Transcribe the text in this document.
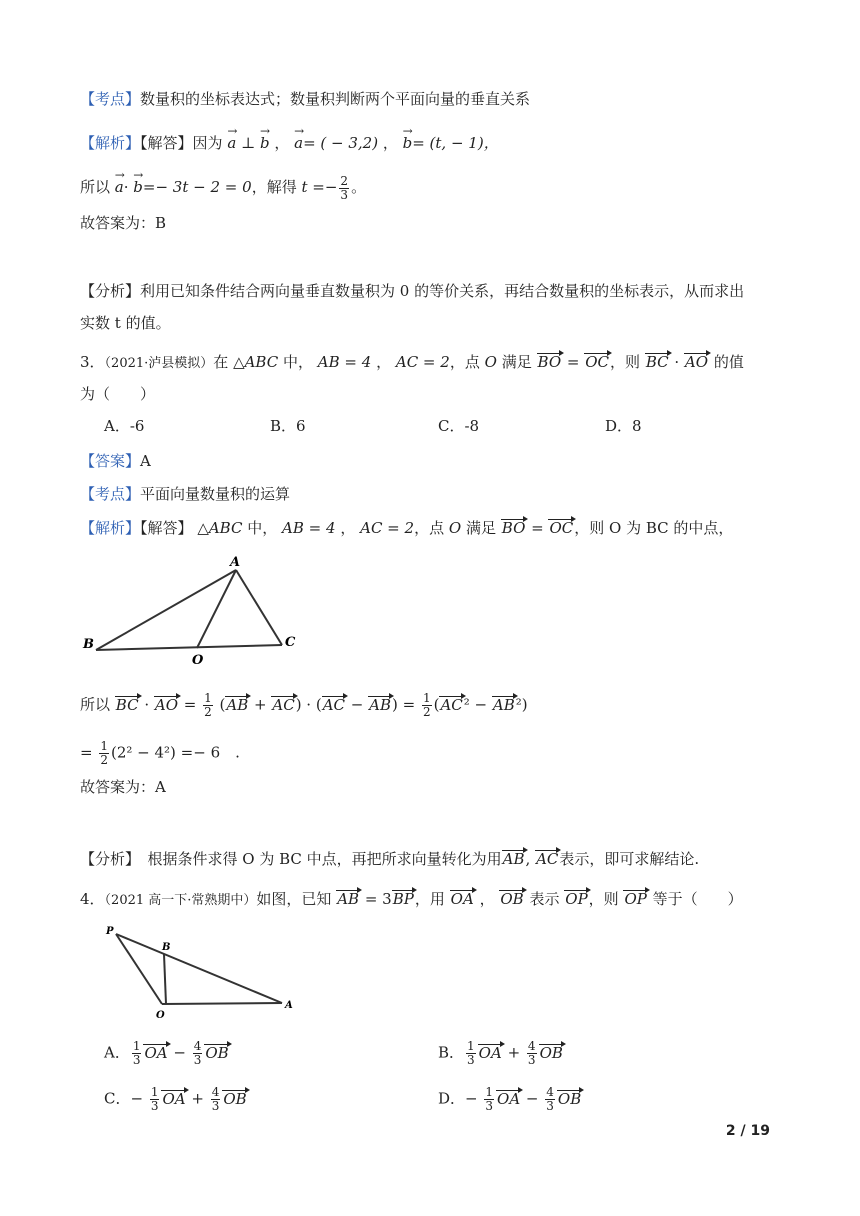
【考点】数量积的坐标表达式；数量积判断两个平面向量的垂直关系
【解析】【解答】因为 → a ⊥ → b ， → a= ( − 3,2) ， → b= (t, − 1)，
所以 → a· → b=− 3t − 2 = 0，解得 $t =- \frac{2}{3}$ 。
故答案为：B
【分析】利用已知条件结合两向量垂直数量积为 0 的等价关系，再结合数量积的坐标表示，从而求出
实数 t 的值。
3．（2021·泸县模拟）在 △ABC 中， AB = 4 ， AC = 2，点 O 满足 BO = OC，则 BC · AO 的值
为（　　）
A．-6	B．6	C．-8	D．8
【答案】A
【考点】平面向量数量积的运算
【解析】【解答】 △ABC 中， AB = 4 ， AC = 2，点 O 满足 BO = OC，则 O 为 BC 的中点，
A
B	C
O
所以 BC · AO = $\frac{1}{2} (AB + AC) \cdot (AC - AB) = \frac{1}{2} (AC^2 - AB^2)$
= $\frac{1}{2} (2^2 - 4^2) =- 6$　.
故答案为：A
【分析】　根据条件求得 O 为 BC 中点，再把所求向量转化为用AB, AC表示，即可求解结论.
4．（2021 高一下·常熟期中）如图，已知 AB = 3BP，用 OA ， OB 表示 OP，则 OP 等于（　　）
P
B
O
A
A． $\frac{1}{3}$ OA − $\frac{4}{3}$ OB	B． $\frac{1}{3}$ OA + $\frac{4}{3}$ OB
C．− $\frac{1}{3}$ OA + $\frac{4}{3}$ OB	D．− $\frac{1}{3}$ OA − $\frac{4}{3}$ OB
2 / 19
